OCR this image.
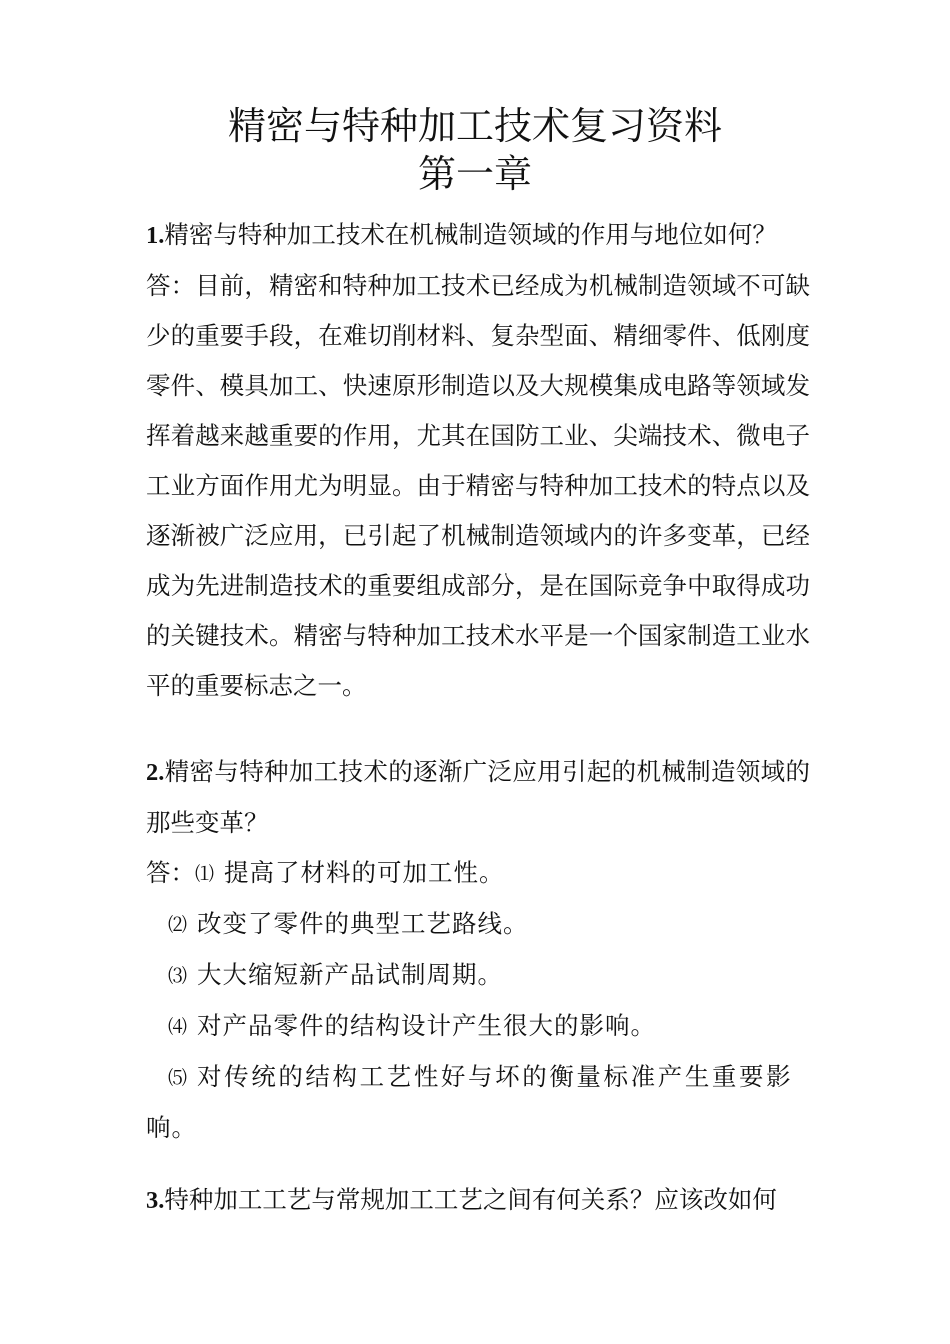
精密与特种加工技术复习资料
第一章

1.精密与特种加工技术在机械制造领域的作用与地位如何？

答：目前，精密和特种加工技术已经成为机械制造领域不可缺少的重要手段，在难切削材料、复杂型面、精细零件、低刚度零件、模具加工、快速原形制造以及大规模集成电路等领域发挥着越来越重要的作用，尤其在国防工业、尖端技术、微电子工业方面作用尤为明显。由于精密与特种加工技术的特点以及逐渐被广泛应用，已引起了机械制造领域内的许多变革，已经成为先进制造技术的重要组成部分，是在国际竞争中取得成功的关键技术。精密与特种加工技术水平是一个国家制造工业水平的重要标志之一。

2.精密与特种加工技术的逐渐广泛应用引起的机械制造领域的那些变革？

答：⑴ 提高了材料的可加工性。

⑵ 改变了零件的典型工艺路线。

⑶ 大大缩短新产品试制周期。

⑷ 对产品零件的结构设计产生很大的影响。

⑸ 对传统的结构工艺性好与坏的衡量标准产生重要影

响。

3.特种加工工艺与常规加工工艺之间有何关系？应该改如何
